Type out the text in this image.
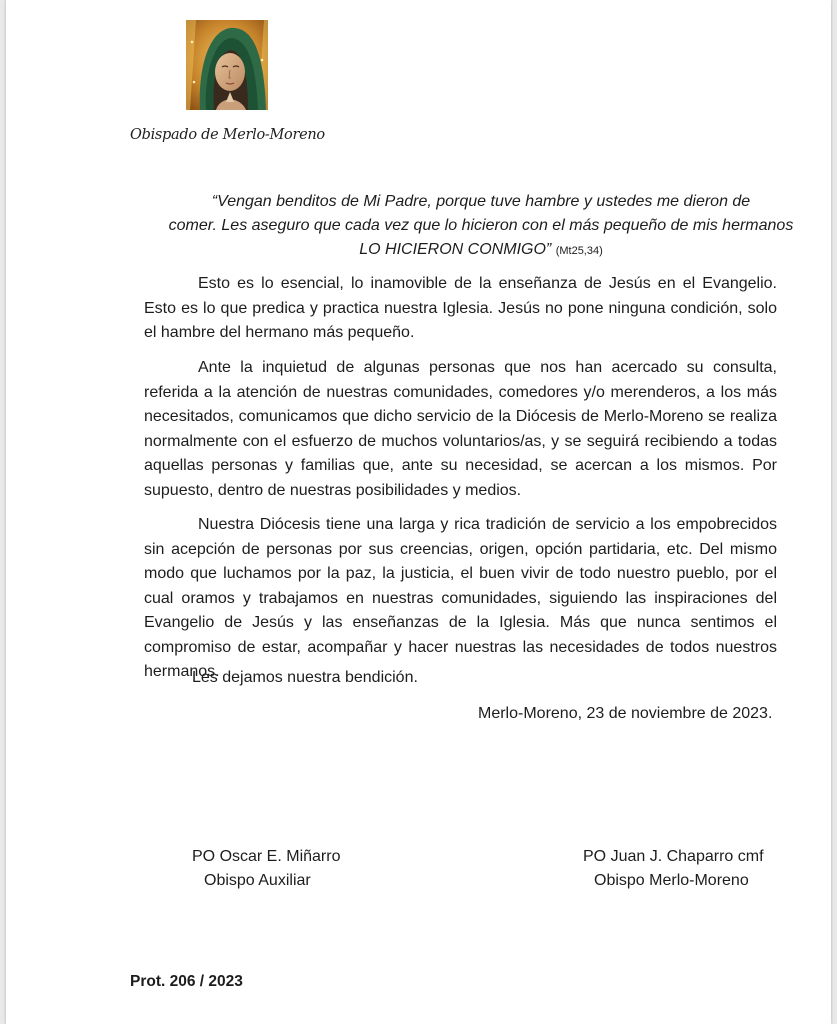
Obispado de Merlo-Moreno
“Vengan benditos de Mi Padre, porque tuve hambre y ustedes me dieron de
comer. Les aseguro que cada vez que lo hicieron con el más pequeño de mis hermanos
LO HICIERON CONMIGO” (Mt25,34)

Esto es lo esencial, lo inamovible de la enseñanza de Jesús en el Evangelio. Esto es lo que predica y practica nuestra Iglesia. Jesús no pone ninguna condición, solo el hambre del hermano más pequeño.

Ante la inquietud de algunas personas que nos han acercado su consulta, referida a la atención de nuestras comunidades, comedores y/o merenderos, a los más necesitados, comunicamos que dicho servicio de la Diócesis de Merlo-Moreno se realiza normalmente con el esfuerzo de muchos voluntarios/as, y se seguirá recibiendo a todas aquellas personas y familias que, ante su necesidad, se acercan a los mismos. Por supuesto, dentro de nuestras posibilidades y medios.

Nuestra Diócesis tiene una larga y rica tradición de servicio a los empobrecidos sin acepción de personas por sus creencias, origen, opción partidaria, etc. Del mismo modo que luchamos por la paz, la justicia, el buen vivir de todo nuestro pueblo, por el cual oramos y trabajamos en nuestras comunidades, siguiendo las inspiraciones del Evangelio de Jesús y las enseñanzas de la Iglesia. Más que nunca sentimos el compromiso de estar, acompañar y hacer nuestras las necesidades de todos nuestros hermanos.

Les dejamos nuestra bendición.
Merlo-Moreno, 23 de noviembre de 2023.
PO Oscar E. Miñarro
Obispo Auxiliar
PO Juan J. Chaparro cmf
Obispo Merlo-Moreno
Prot. 206 / 2023
